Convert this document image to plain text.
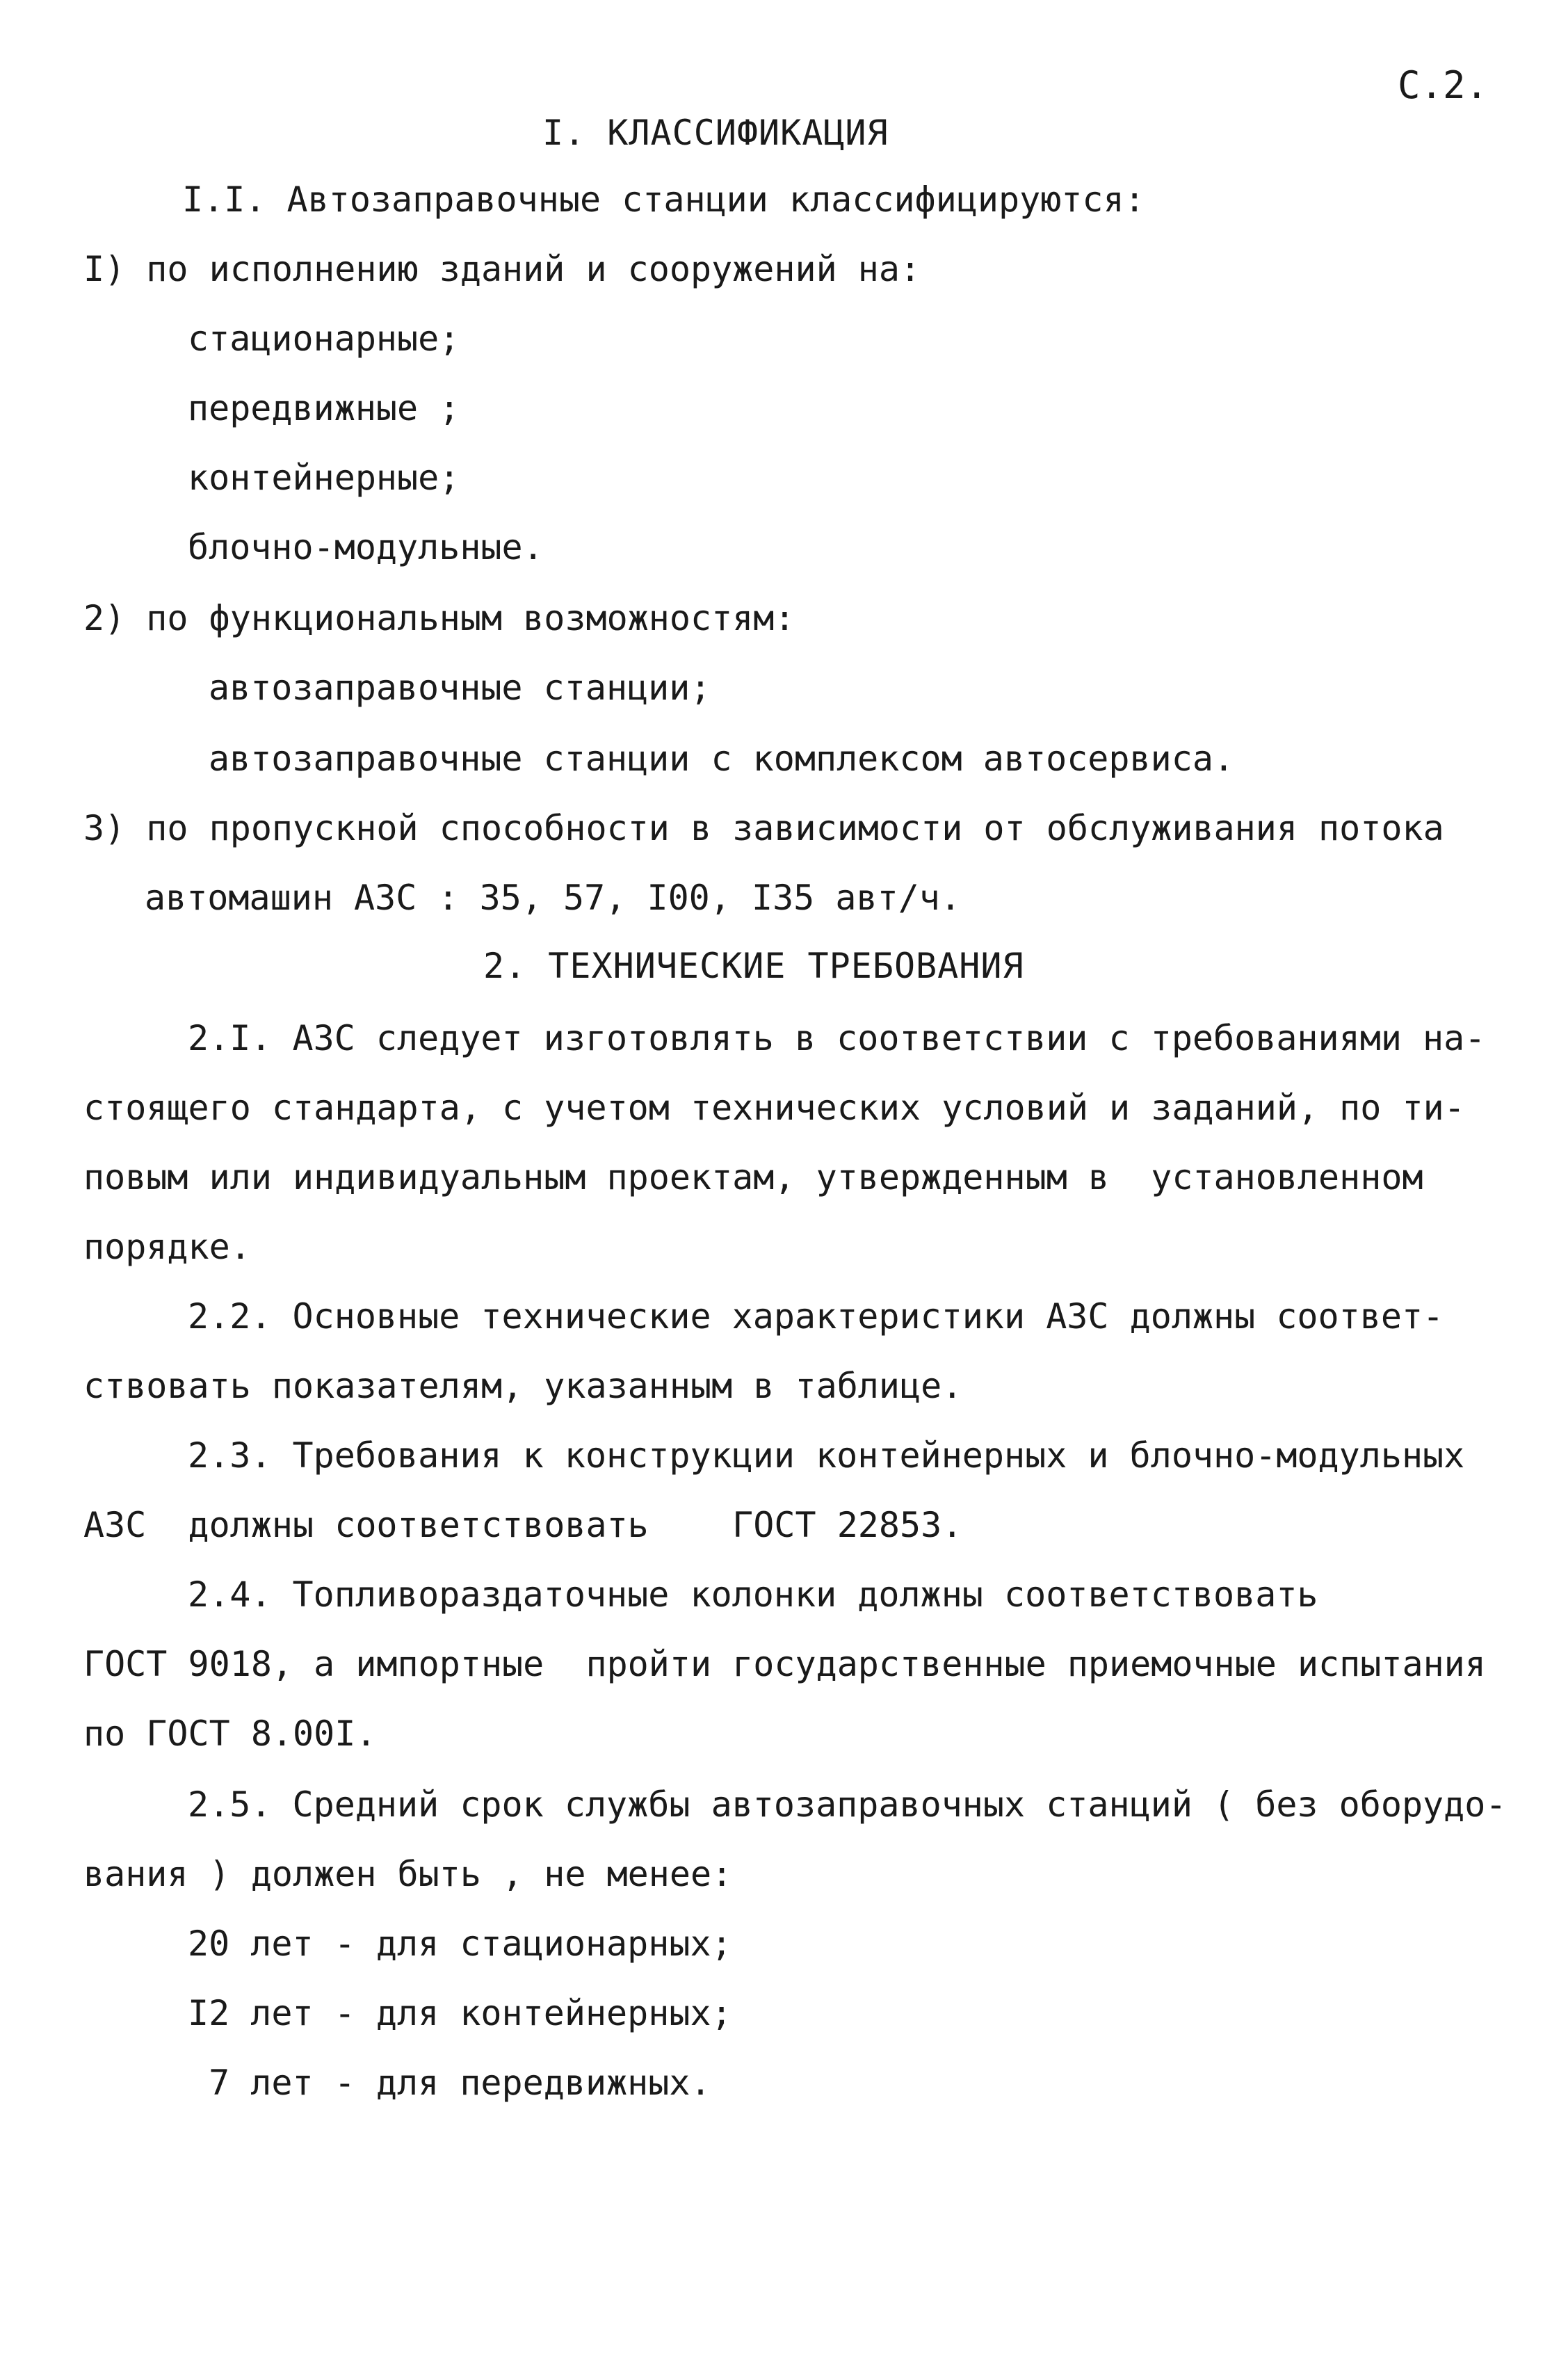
С.2.
I. КЛАССИФИКАЦИЯ
I.I. Автозаправочные станции классифицируются:
I) по исполнению зданий и сооружений на:
стационарные;
передвижные ;
контейнерные;
блочно-модульные.
2) по функциональным возможностям:
автозаправочные станции;
автозаправочные станции с комплексом автосервиса.
3) по пропускной способности в зависимости от обслуживания потока
автомашин АЗС : 35, 57, I00, I35 авт/ч.
2. ТЕХНИЧЕСКИЕ ТРЕБОВАНИЯ
2.I. АЗС следует изготовлять в соответствии с требованиями на-
стоящего стандарта, с учетом технических условий и заданий, по ти-
повым или индивидуальным проектам, утвержденным в  установленном
порядке.
2.2. Основные технические характеристики АЗС должны соответ-
ствовать показателям, указанным в таблице.
2.3. Требования к конструкции контейнерных и блочно-модульных
АЗС  должны соответствовать    ГОСТ 22853.
2.4. Топливораздаточные колонки должны соответствовать
ГОСТ 9018, а импортные  пройти государственные приемочные испытания
по ГОСТ 8.00I.
2.5. Средний срок службы автозаправочных станций ( без оборудо-
вания ) должен быть , не менее:
20 лет - для стационарных;
I2 лет - для контейнерных;
7 лет - для передвижных.
